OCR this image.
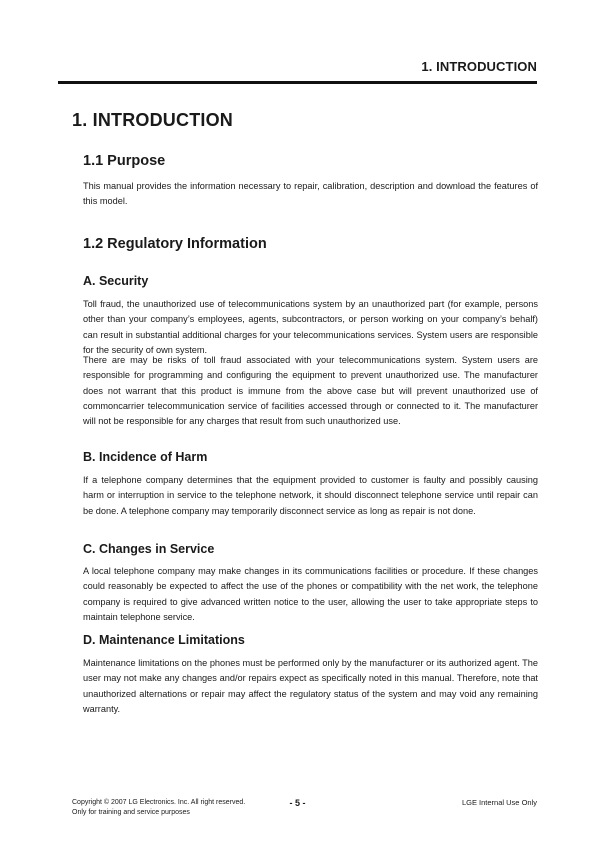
1. INTRODUCTION
1. INTRODUCTION
1.1 Purpose

This manual provides the information necessary to repair, calibration, description and download the features of this model.

1.2 Regulatory Information
A. Security

Toll fraud, the unauthorized use of telecommunications system by an unauthorized part (for example, persons other than your company’s employees, agents, subcontractors, or person working on your company’s behalf) can result in substantial additional charges for your telecommunications services. System users are responsible for the security of own system.

There are may be risks of toll fraud associated with your telecommunications system. System users are responsible for programming and configuring the equipment to prevent unauthorized use. The manufacturer does not warrant that this product is immune from the above case but will prevent unauthorized use of commoncarrier telecommunication service of facilities accessed through or connected to it. The manufacturer will not be responsible for any charges that result from such unauthorized use.

B. Incidence of Harm

If a telephone company determines that the equipment provided to customer is faulty and possibly causing harm or interruption in service to the telephone network, it should disconnect telephone service until repair can be done. A telephone company may temporarily disconnect service as long as repair is not done.

C. Changes in Service

A local telephone company may make changes in its communications facilities or procedure. If these changes could reasonably be expected to affect the use of the phones or compatibility with the net work, the telephone company is required to give advanced written notice to the user, allowing the user to take appropriate steps to maintain telephone service.

D. Maintenance Limitations

Maintenance limitations on the phones must be performed only by the manufacturer or its authorized agent. The user may not make any changes and/or repairs expect as specifically noted in this manual. Therefore, note that unauthorized alternations or repair may affect the regulatory status of the system and may void any remaining warranty.

Copyright © 2007 LG Electronics. Inc. All right reserved.
Only for training and service purposes
- 5 -	LGE Internal Use Only
